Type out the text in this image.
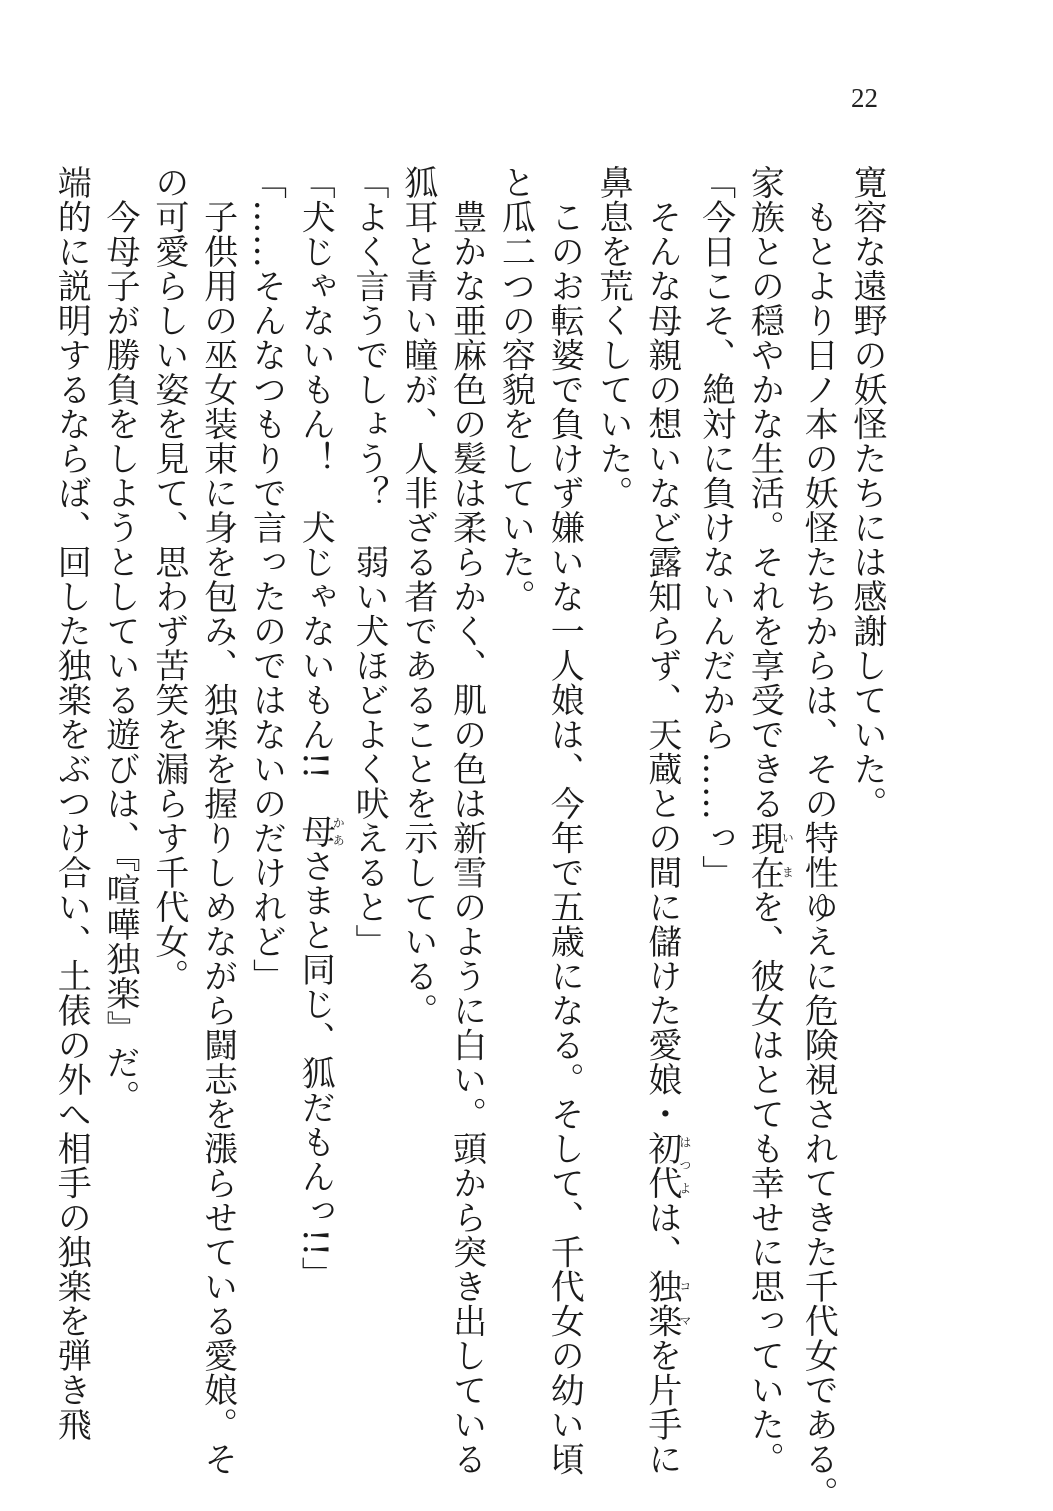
22
寛容な遠野の妖怪たちには感謝していた。
　もとより日ノ本の妖怪たちからは、その特性ゆえに危険視されてきた千代女である。
家族との穏やかな生活。それを享受できる現在いまを、彼女はとても幸せに思っていた。
「今日こそ、絶対に負けないんだから……っ」
　そんな母親の想いなど露知らず、天蔵との間に儲けた愛娘・初代はつよは、独楽コマを片手に
鼻息を荒くしていた。
　このお転婆で負けず嫌いな一人娘は、今年で五歳になる。そして、千代女の幼い頃
と瓜二つの容貌をしていた。
　豊かな亜麻色の髪は柔らかく、肌の色は新雪のように白い。頭から突き出している
狐耳と青い瞳が、人非ざる者であることを示している。
「よく言うでしょう？　弱い犬ほどよく吠えると」
「犬じゃないもん！　犬じゃないもん!!　母かあさまと同じ、狐だもんっ!!」
「……そんなつもりで言ったのではないのだけれど」
　子供用の巫女装束に身を包み、独楽を握りしめながら闘志を漲らせている愛娘。そ
の可愛らしい姿を見て、思わず苦笑を漏らす千代女。
　今母子が勝負をしようとしている遊びは、『喧嘩独楽』だ。
端的に説明するならば、回した独楽をぶつけ合い、土俵の外へ相手の独楽を弾き飛
